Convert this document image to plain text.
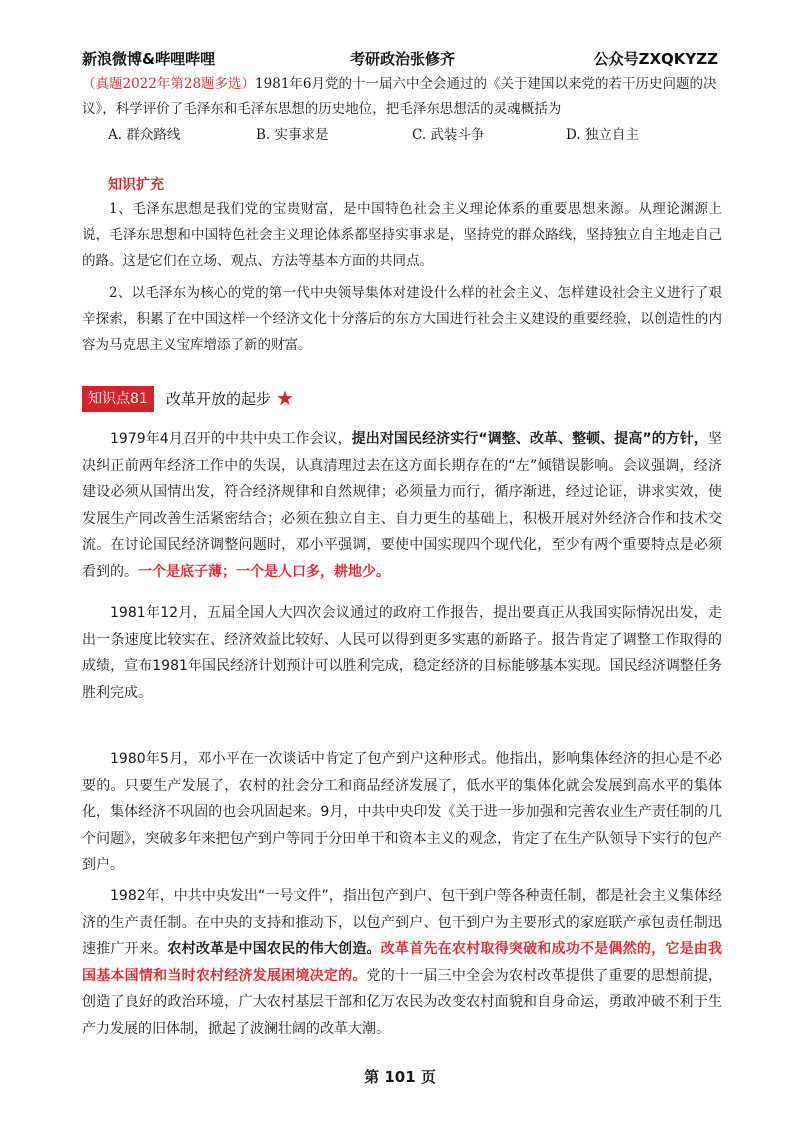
新浪微博&哔哩哔哩	考研政治张修齐	公众号ZXQKYZZ
（真题2022年第28题多选）1981年6月党的十一届六中全会通过的《关于建国以来党的若干历史问题的决议》，科学评价了毛泽东和毛泽东思想的历史地位，把毛泽东思想活的灵魂概括为
A. 群众路线	B. 实事求是	C. 武装斗争	D. 独立自主
知识扩充

1、毛泽东思想是我们党的宝贵财富，是中国特色社会主义理论体系的重要思想来源。从理论渊源上说，毛泽东思想和中国特色社会主义理论体系都坚持实事求是，坚持党的群众路线，坚持独立自主地走自己的路。这是它们在立场、观点、方法等基本方面的共同点。

2、以毛泽东为核心的党的第一代中央领导集体对建设什么样的社会主义、怎样建设社会主义进行了艰辛探索，积累了在中国这样一个经济文化十分落后的东方大国进行社会主义建设的重要经验，以创造性的内容为马克思主义宝库增添了新的财富。

知识点81	改革开放的起步 ★

1979年4月召开的中共中央工作会议，提出对国民经济实行“调整、改革、整顿、提高”的方针，坚决纠正前两年经济工作中的失误，认真清理过去在这方面长期存在的“左”倾错误影响。会议强调，经济建设必须从国情出发，符合经济规律和自然规律；必须量力而行，循序渐进，经过论证，讲求实效，使发展生产同改善生活紧密结合；必须在独立自主、自力更生的基础上，积极开展对外经济合作和技术交流。在讨论国民经济调整问题时，邓小平强调，要使中国实现四个现代化，至少有两个重要特点是必须看到的。一个是底子薄；一个是人口多，耕地少。

1981年12月，五届全国人大四次会议通过的政府工作报告，提出要真正从我国实际情况出发，走出一条速度比较实在、经济效益比较好、人民可以得到更多实惠的新路子。报告肯定了调整工作取得的成绩，宣布1981年国民经济计划预计可以胜利完成，稳定经济的目标能够基本实现。国民经济调整任务胜利完成。

1980年5月，邓小平在一次谈话中肯定了包产到户这种形式。他指出，影响集体经济的担心是不必要的。只要生产发展了，农村的社会分工和商品经济发展了，低水平的集体化就会发展到高水平的集体化，集体经济不巩固的也会巩固起来。9月，中共中央印发《关于进一步加强和完善农业生产责任制的几个问题》，突破多年来把包产到户等同于分田单干和资本主义的观念，肯定了在生产队领导下实行的包产到户。

1982年，中共中央发出“一号文件”，指出包产到户、包干到户等各种责任制，都是社会主义集体经济的生产责任制。在中央的支持和推动下，以包产到户、包干到户为主要形式的家庭联产承包责任制迅速推广开来。农村改革是中国农民的伟大创造。改革首先在农村取得突破和成功不是偶然的，它是由我国基本国情和当时农村经济发展困境决定的。党的十一届三中全会为农村改革提供了重要的思想前提，创造了良好的政治环境，广大农村基层干部和亿万农民为改变农村面貌和自身命运，勇敢冲破不利于生产力发展的旧体制，掀起了波澜壮阔的改革大潮。

第 101 页
